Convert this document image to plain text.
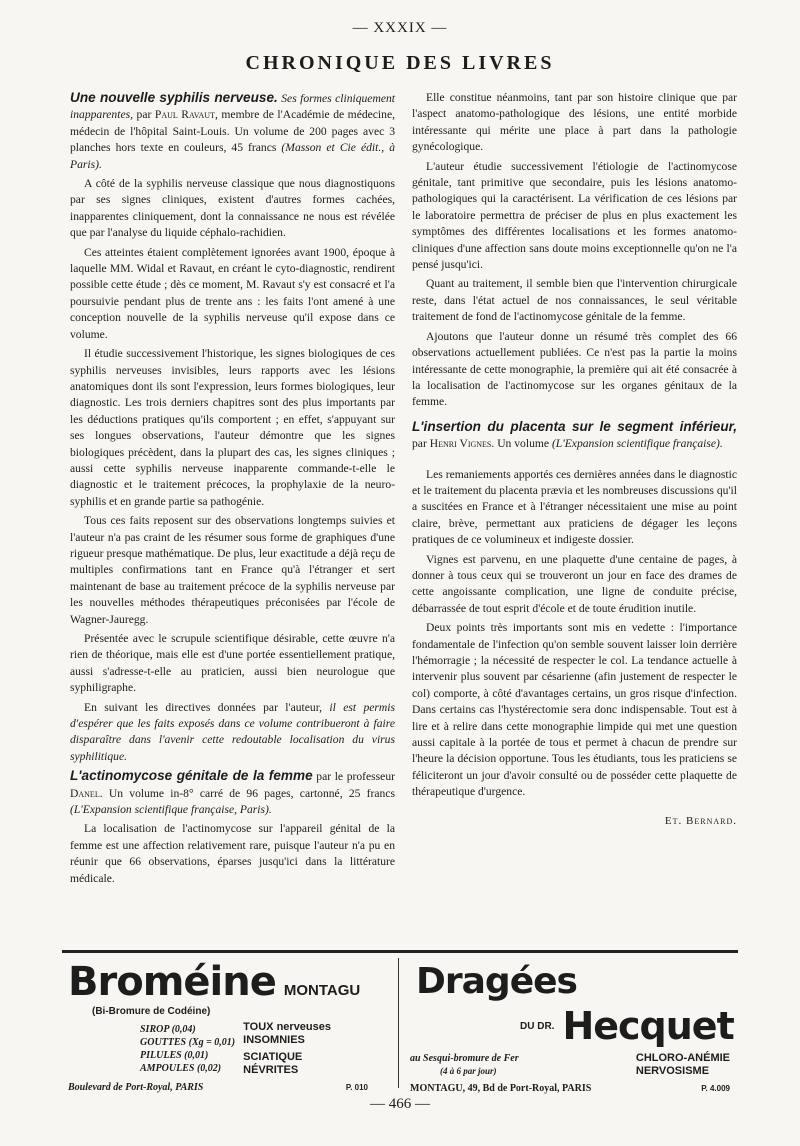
— XXXIX —
CHRONIQUE DES LIVRES

Une nouvelle syphilis nerveuse. Ses formes cliniquement inapparentes, par Paul Ravaut, membre de l'Académie de médecine, médecin de l'hôpital Saint-Louis. Un volume de 200 pages avec 3 planches hors texte en couleurs, 45 francs (Masson et Cie édit., à Paris).

A côté de la syphilis nerveuse classique que nous diagnostiquons par ses signes cliniques, existent d'autres formes cachées, inapparentes cliniquement, dont la connaissance ne nous est révélée que par l'analyse du liquide céphalo-rachidien.

Ces atteintes étaient complètement ignorées avant 1900, époque à laquelle MM. Widal et Ravaut, en créant le cyto-diagnostic, rendirent possible cette étude ; dès ce moment, M. Ravaut s'y est consacré et l'a poursuivie pendant plus de trente ans : les faits l'ont amené à une conception nouvelle de la syphilis nerveuse qu'il expose dans ce volume.

Il étudie successivement l'historique, les signes biologiques de ces syphilis nerveuses invisibles, leurs rapports avec les lésions anatomiques dont ils sont l'expression, leurs formes biologiques, leur diagnostic. Les trois derniers chapitres sont des plus importants par les déductions pratiques qu'ils comportent ; en effet, s'appuyant sur ses longues observations, l'auteur démontre que les signes biologiques précèdent, dans la plupart des cas, les signes cliniques ; aussi cette syphilis nerveuse inapparente commande-t-elle le diagnostic et le traitement précoces, la prophylaxie de la neuro-syphilis et en grande partie sa pathogénie.

Tous ces faits reposent sur des observations longtemps suivies et l'auteur n'a pas craint de les résumer sous forme de graphiques d'une rigueur presque mathématique. De plus, leur exactitude a déjà reçu de multiples confirmations tant en France qu'à l'étranger et sert maintenant de base au traitement précoce de la syphilis nerveuse par les nouvelles méthodes thérapeutiques préconisées par l'école de Wagner-Jauregg.

Présentée avec le scrupule scientifique désirable, cette œuvre n'a rien de théorique, mais elle est d'une portée essentiellement pratique, aussi s'adresse-t-elle au praticien, aussi bien neurologue que syphiligraphe.

En suivant les directives données par l'auteur, il est permis d'espérer que les faits exposés dans ce volume contribueront à faire disparaître dans l'avenir cette redoutable localisation du virus syphilitique.

L'actinomycose génitale de la femme par le professeur Danel. Un volume in-8° carré de 96 pages, cartonné, 25 francs (L'Expansion scientifique française, Paris).

La localisation de l'actinomycose sur l'appareil génital de la femme est une affection relativement rare, puisque l'auteur n'a pu en réunir que 66 observations, éparses jusqu'ici dans la littérature médicale.

Elle constitue néanmoins, tant par son histoire clinique que par l'aspect anatomo-pathologique des lésions, une entité morbide intéressante qui mérite une place à part dans la pathologie gynécologique.

L'auteur étudie successivement l'étiologie de l'actinomycose génitale, tant primitive que secondaire, puis les lésions anatomo-pathologiques qui la caractérisent. La vérification de ces lésions par le laboratoire permettra de préciser de plus en plus exactement les symptômes des différentes localisations et les formes anatomo-cliniques d'une affection sans doute moins exceptionnelle qu'on ne l'a pensé jusqu'ici.

Quant au traitement, il semble bien que l'intervention chirurgicale reste, dans l'état actuel de nos connaissances, le seul véritable traitement de fond de l'actinomycose génitale de la femme.

Ajoutons que l'auteur donne un résumé très complet des 66 observations actuellement publiées. Ce n'est pas la partie la moins intéressante de cette monographie, la première qui ait été consacrée à la localisation de l'actinomycose sur les organes génitaux de la femme.

L'insertion du placenta sur le segment inférieur, par Henri Vignes. Un volume (L'Expansion scientifique française).

Les remaniements apportés ces dernières années dans le diagnostic et le traitement du placenta prævia et les nombreuses discussions qu'il a suscitées en France et à l'étranger nécessitaient une mise au point claire, brève, permettant aux praticiens de dégager les leçons pratiques de ce volumineux et indigeste dossier.

Vignes est parvenu, en une plaquette d'une centaine de pages, à donner à tous ceux qui se trouveront un jour en face des drames de cette angoissante complication, une ligne de conduite précise, débarrassée de tout esprit d'école et de toute érudition inutile.

Deux points très importants sont mis en vedette : l'importance fondamentale de l'infection qu'on semble souvent laisser loin derrière l'hémorragie ; la nécessité de respecter le col. La tendance actuelle à intervenir plus souvent par césarienne (afin justement de respecter le col) comporte, à côté d'avantages certains, un gros risque d'infection. Dans certains cas l'hystérectomie sera donc indispensable. Tout est à lire et à relire dans cette monographie limpide qui met une question aussi capitale à la portée de tous et permet à chacun de prendre sur l'heure la décision opportune. Tous les étudiants, tous les praticiens se féliciteront un jour d'avoir consulté ou de posséder cette plaquette de thérapeutique d'urgence.

Et. Bernard.
Broméine MONTAGU
(Bi-Bromure de Codéine)
SIROP (0,04)
GOUTTES (Xg = 0,01)
PILULES (0,01)
AMPOULES (0,02)
TOUX nerveuses
INSOMNIES
SCIATIQUE
NÉVRITES
Boulevard de Port-Royal, PARIS	P. 010
Dragées
DU DR. Hecquet
au Sesqui-bromure de Fer
(4 à 6 par jour)
CHLORO-ANÉMIE
NERVOSISME
MONTAGU, 49, Bd de Port-Royal, PARIS	P. 4.009
— 466 —
